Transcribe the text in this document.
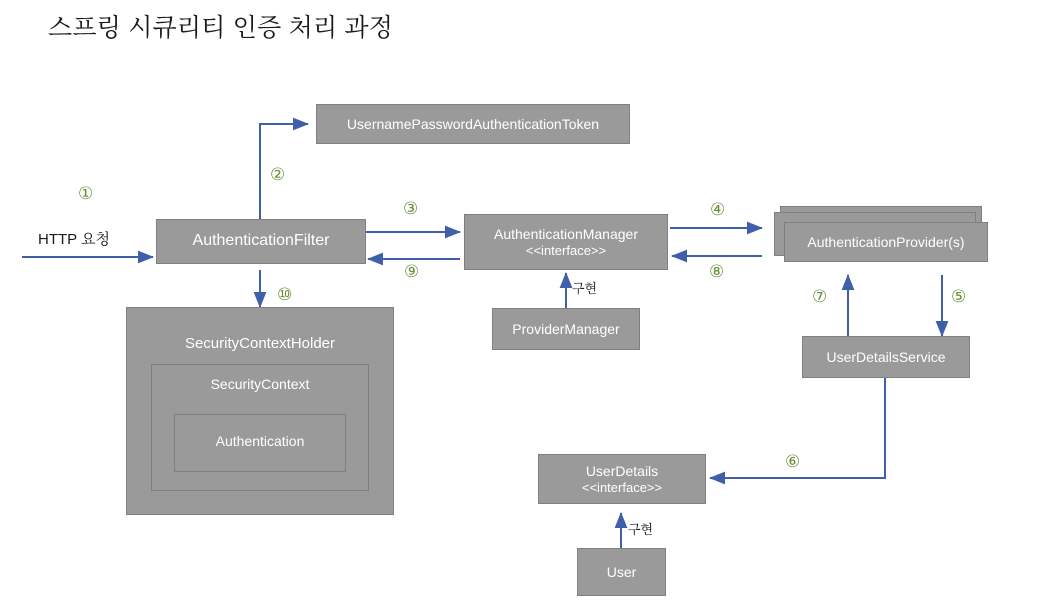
스프링 시큐리티 인증 처리 과정
HTTP 요청
①
②
③	④
⑤
⑥
⑦
⑧
⑨
⑩	구현
구현
UsernamePasswordAuthenticationToken
AuthenticationFilter	AuthenticationManager
<<interface>>
AuthenticationProvider(s)
ProviderManager
UserDetailsService
UserDetails
<<interface>>
User
SecurityContextHolder
SecurityContext
Authentication
